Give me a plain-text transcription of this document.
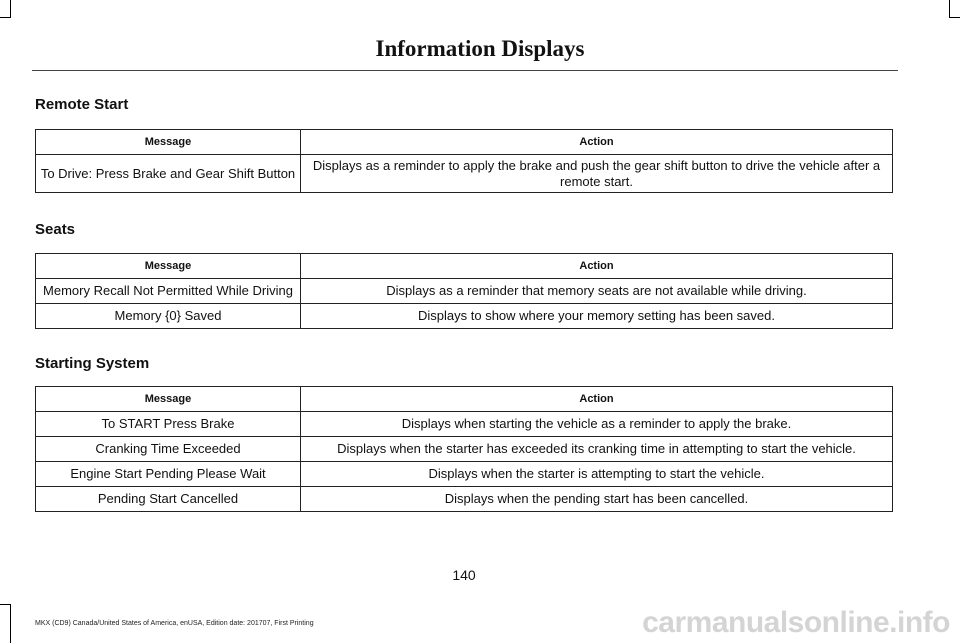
Information Displays
Remote Start
Message	Action
To Drive: Press Brake and Gear Shift Button	Displays as a reminder to apply the brake and push the gear shift button to drive the vehicle after a remote start.
Seats
Message	Action
Memory Recall Not Permitted While Driving	Displays as a reminder that memory seats are not available while driving.
Memory {0} Saved	Displays to show where your memory setting has been saved.
Starting System
Message	Action
To START Press Brake	Displays when starting the vehicle as a reminder to apply the brake.
Cranking Time Exceeded	Displays when the starter has exceeded its cranking time in attempting to start the vehicle.
Engine Start Pending Please Wait	Displays when the starter is attempting to start the vehicle.
Pending Start Cancelled	Displays when the pending start has been cancelled.
140
MKX (CD9) Canada/United States of America, enUSA, Edition date: 201707, First Printing	carmanualsonline.info
